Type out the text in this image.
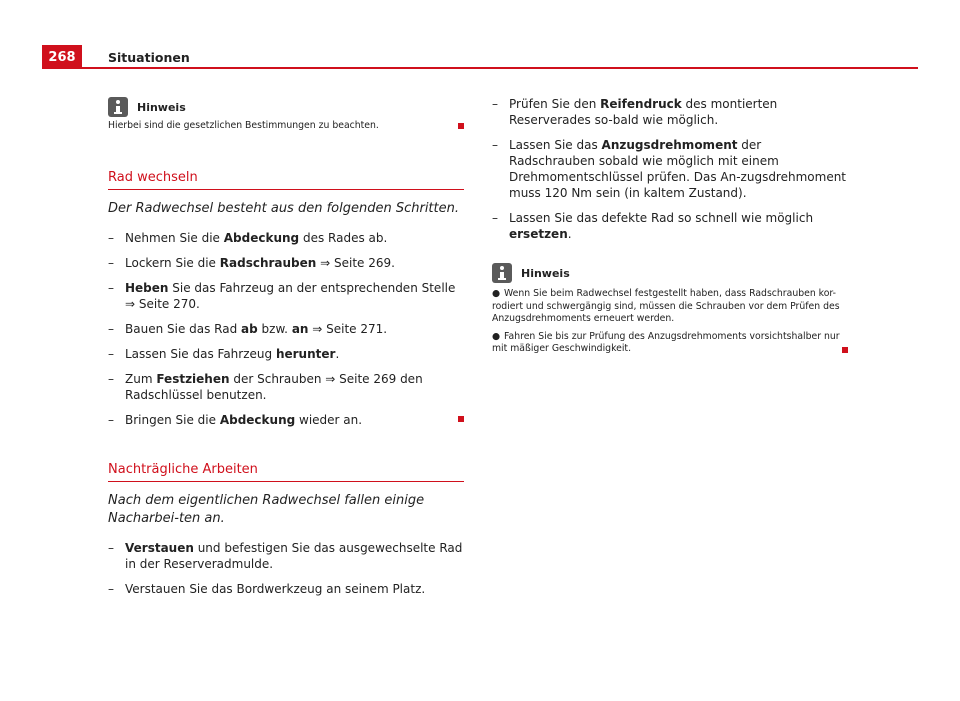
268	Situationen
Hinweis
Hierbei sind die gesetzlichen Bestimmungen zu beachten.
Rad wechseln
Der Radwechsel besteht aus den folgenden Schritten.
– Nehmen Sie die Abdeckung des Rades ab.
– Lockern Sie die Radschrauben ⇒ Seite 269.
– Heben Sie das Fahrzeug an der entsprechenden Stelle ⇒ Seite 270.
– Bauen Sie das Rad ab bzw. an ⇒ Seite 271.
– Lassen Sie das Fahrzeug herunter.
– Zum Festziehen der Schrauben ⇒ Seite 269 den Radschlüssel benutzen.
– Bringen Sie die Abdeckung wieder an.
Nachträgliche Arbeiten
Nach dem eigentlichen Radwechsel fallen einige Nacharbei-ten an.
– Verstauen und befestigen Sie das ausgewechselte Rad in der Reserveradmulde.
– Verstauen Sie das Bordwerkzeug an seinem Platz.
– Prüfen Sie den Reifendruck des montierten Reserverades so-bald wie möglich.
– Lassen Sie das Anzugsdrehmoment der Radschrauben sobald wie möglich mit einem Drehmomentschlüssel prüfen. Das An-zugsdrehmoment muss 120 Nm sein (in kaltem Zustand).
– Lassen Sie das defekte Rad so schnell wie möglich ersetzen.
Hinweis
● Wenn Sie beim Radwechsel festgestellt haben, dass Radschrauben kor-rodiert und schwergängig sind, müssen die Schrauben vor dem Prüfen des Anzugsdrehmoments erneuert werden.
● Fahren Sie bis zur Prüfung des Anzugsdrehmoments vorsichtshalber nur mit mäßiger Geschwindigkeit.
